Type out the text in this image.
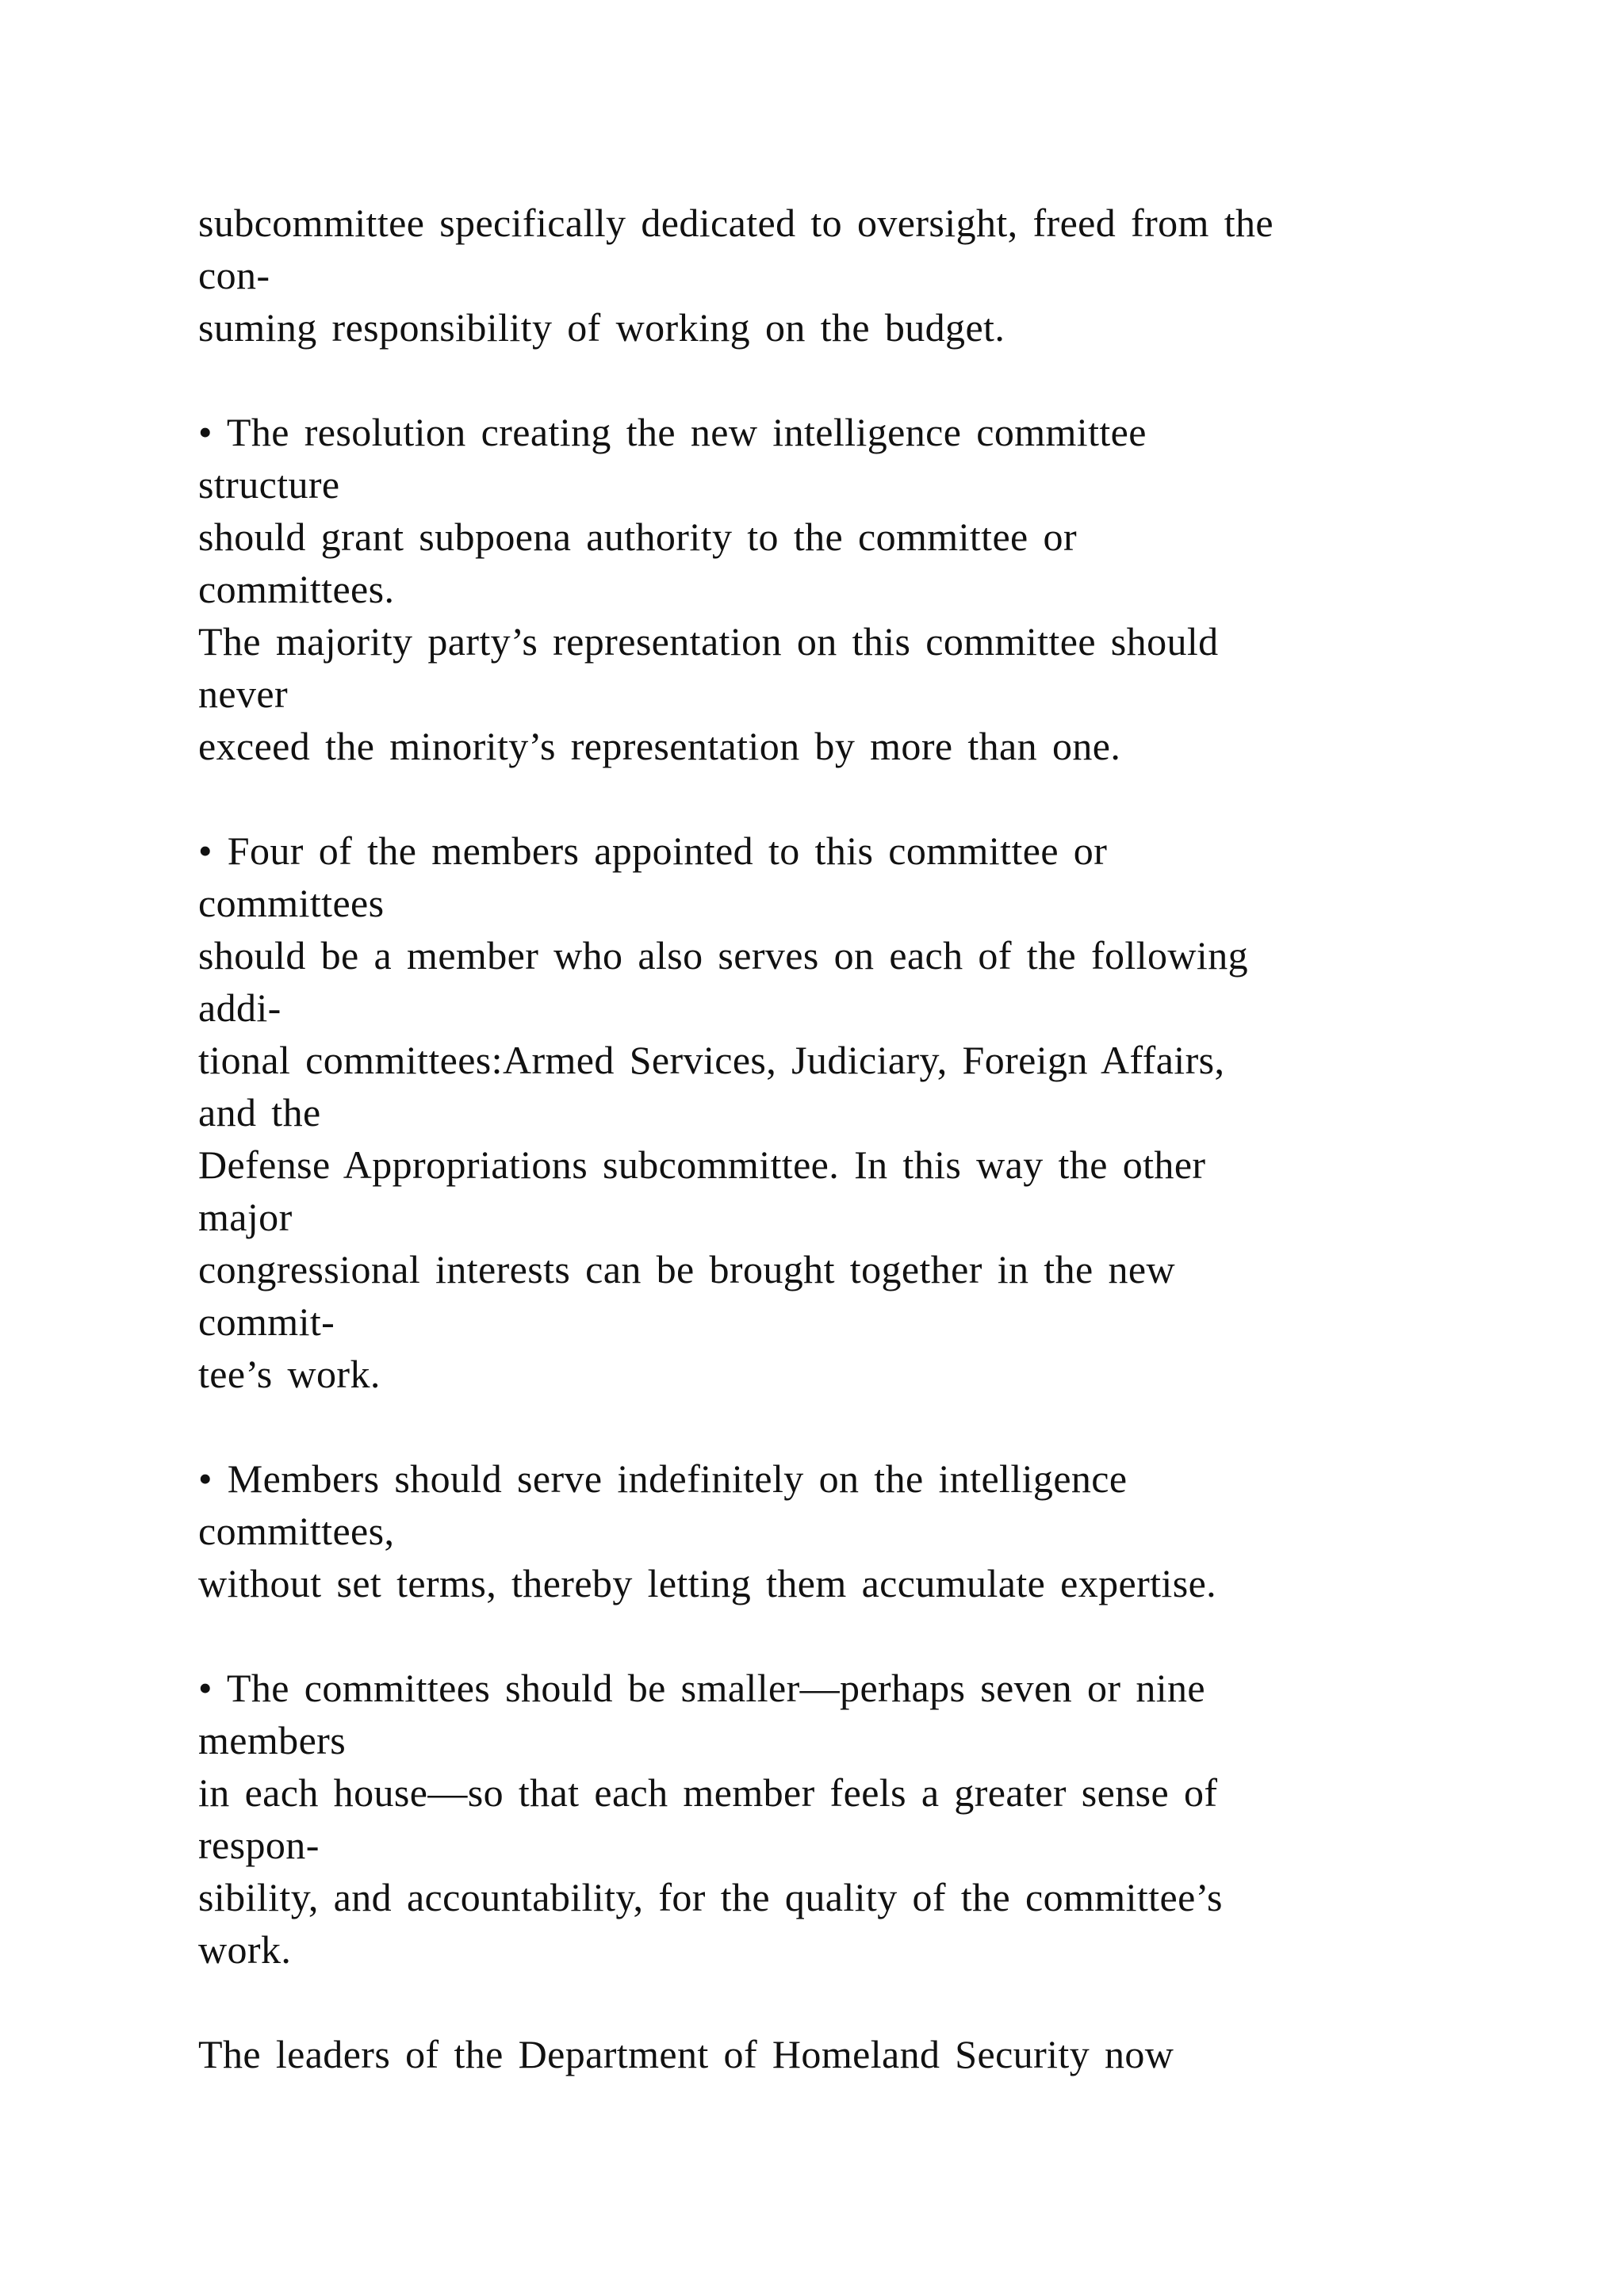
subcommittee specifically dedicated to oversight, freed from the
con-
suming responsibility of working on the budget.
• The resolution creating the new intelligence committee
structure
should grant subpoena authority to the committee or
committees.
The majority party’s representation on this committee should
never
exceed the minority’s representation by more than one.
• Four of the members appointed to this committee or
committees
should be a member who also serves on each of the following
addi-
tional committees:Armed Services, Judiciary, Foreign Affairs,
and the
Defense Appropriations subcommittee. In this way the other
major
congressional interests can be brought together in the new
commit-
tee’s work.
• Members should serve indefinitely on the intelligence
committees,
without set terms, thereby letting them accumulate expertise.
• The committees should be smaller—perhaps seven or nine
members
in each house—so that each member feels a greater sense of
respon-
sibility, and accountability, for the quality of the committee’s
work.
The leaders of the Department of Homeland Security now
